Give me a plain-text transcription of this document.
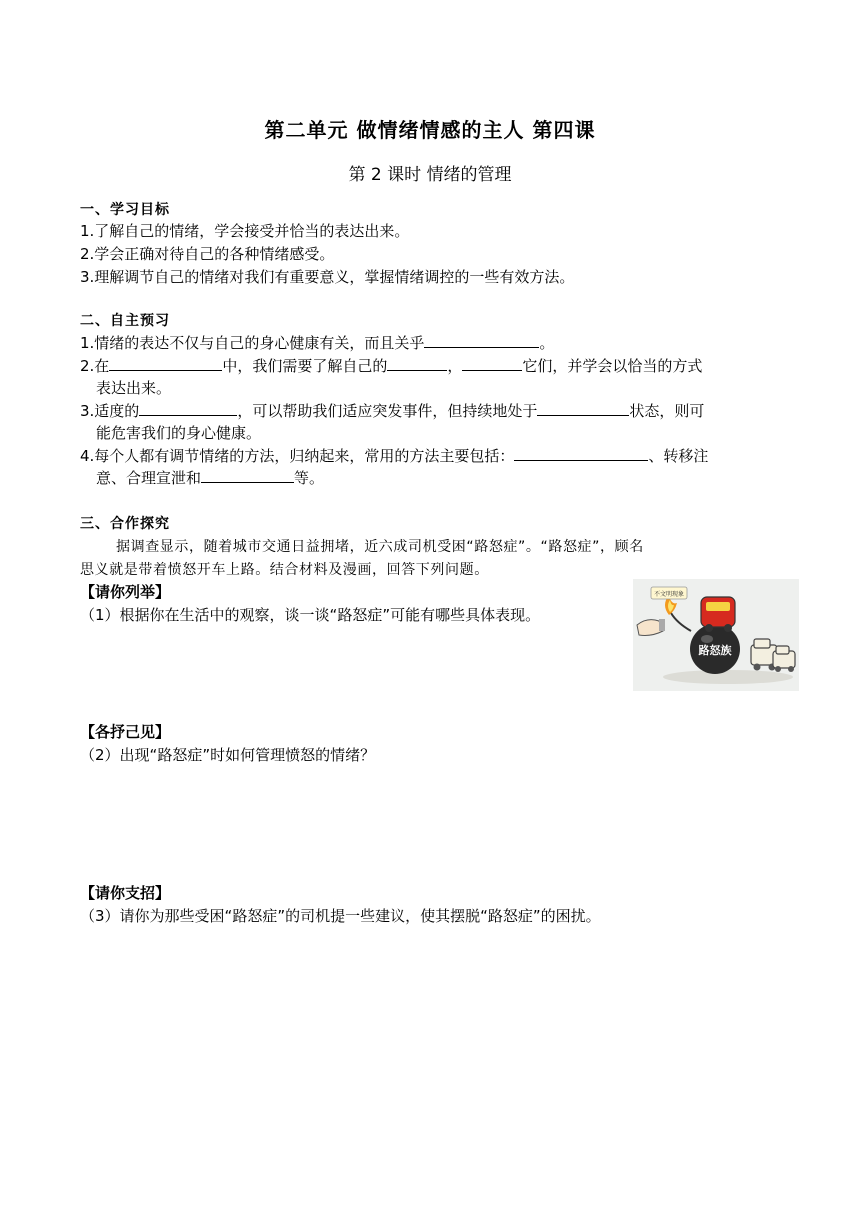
第二单元 做情绪情感的主人 第四课
第 2 课时 情绪的管理
一、学习目标
1.了解自己的情绪，学会接受并恰当的表达出来。
2.学会正确对待自己的各种情绪感受。
3.理解调节自己的情绪对我们有重要意义，掌握情绪调控的一些有效方法。
二、自主预习
1.情绪的表达不仅与自己的身心健康有关，而且关乎	。
2.在	中，我们需要了解自己的	，	它们，并学会以恰当的方式
表达出来。
3.适度的	，可以帮助我们适应突发事件，但持续地处于	状态，则可
能危害我们的身心健康。
4.每个人都有调节情绪的方法，归纳起来，常用的方法主要包括：	、转移注
意、合理宣泄和	等。
三、合作探究
据调查显示，随着城市交通日益拥堵，近六成司机受困“路怒症”。“路怒症”，顾名
思义就是带着愤怒开车上路。结合材料及漫画，回答下列问题。
【请你列举】
（1）根据你在生活中的观察，谈一谈“路怒症”可能有哪些具体表现。
【各抒己见】
（2）出现“路怒症”时如何管理愤怒的情绪？
【请你支招】
（3）请你为那些受困“路怒症”的司机提一些建议，使其摆脱“路怒症”的困扰。
路怒族
不文明现象
